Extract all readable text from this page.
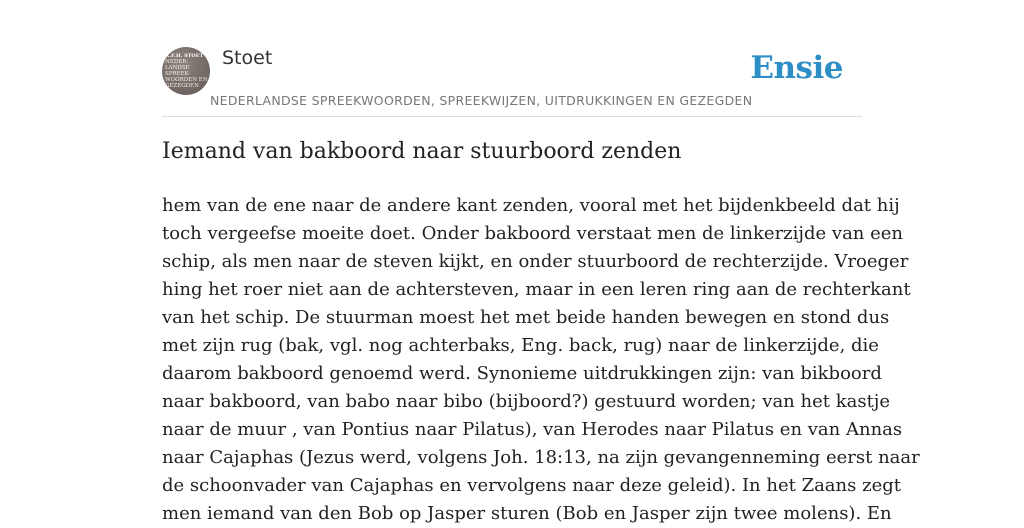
K.F.H. STOET
NEDER-
LANDSE
SPREEK-
WOORDEN EN
GEZEGDEN
Stoet	Ensie
NEDERLANDSE SPREEKWOORDEN, SPREEKWIJZEN, UITDRUKKINGEN EN GEZEGDEN
Iemand van bakboord naar stuurboord zenden
hem van de ene naar de andere kant zenden, vooral met het bijdenkbeeld dat hij
toch vergeefse moeite doet. Onder bakboord verstaat men de linkerzijde van een
schip, als men naar de steven kijkt, en onder stuurboord de rechterzijde. Vroeger
hing het roer niet aan de achtersteven, maar in een leren ring aan de rechterkant
van het schip. De stuurman moest het met beide handen bewegen en stond dus
met zijn rug (bak, vgl. nog achterbaks, Eng. back, rug) naar de linkerzijde, die
daarom bakboord genoemd werd. Synonieme uitdrukkingen zijn: van bikboord
naar bakboord, van babo naar bibo (bijboord?) gestuurd worden; van het kastje
naar de muur , van Pontius naar Pilatus), van Herodes naar Pilatus en van Annas
naar Cajaphas (Jezus werd, volgens Joh. 18:13, na zijn gevangenneming eerst naar
de schoonvader van Cajaphas en vervolgens naar deze geleid). In het Zaans zegt
men iemand van den Bob op Jasper sturen (Bob en Jasper zijn twee molens). En
